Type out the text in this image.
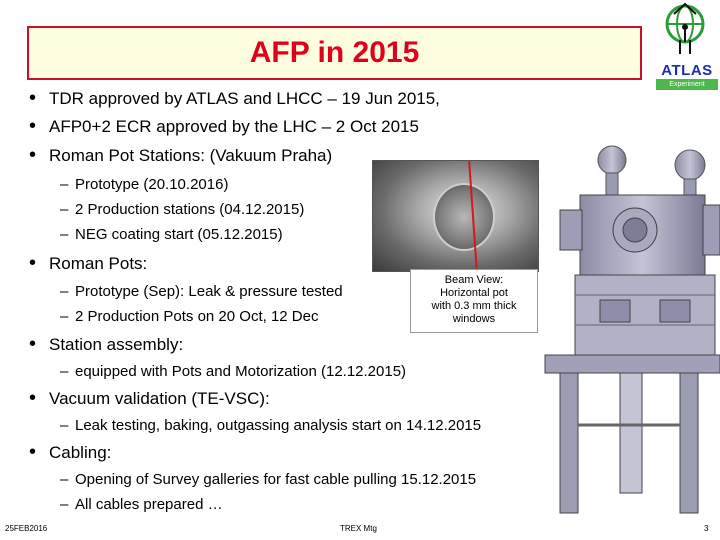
AFP in 2015
ATLAS
Experiment
• TDR approved by ATLAS and LHCC – 19 Jun 2015,
• AFP0+2 ECR approved by the LHC – 2 Oct 2015
• Roman Pot Stations: (Vakuum Praha)
– Prototype (20.10.2016)
– 2 Production stations (04.12.2015)
– NEG coating start (05.12.2015)
• Roman Pots:
– Prototype (Sep): Leak & pressure tested
– 2 Production Pots on 20 Oct, 12 Dec
• Station assembly:
– equipped with Pots and Motorization (12.12.2015)
• Vacuum validation (TE-VSC):
– Leak testing, baking, outgassing analysis start on 14.12.2015
• Cabling:
– Opening of Survey galleries for fast cable pulling 15.12.2015
– All cables prepared …
Beam View:
Horizontal pot
with 0.3 mm thick
windows
25FEB2016	TREX Mtg	3
